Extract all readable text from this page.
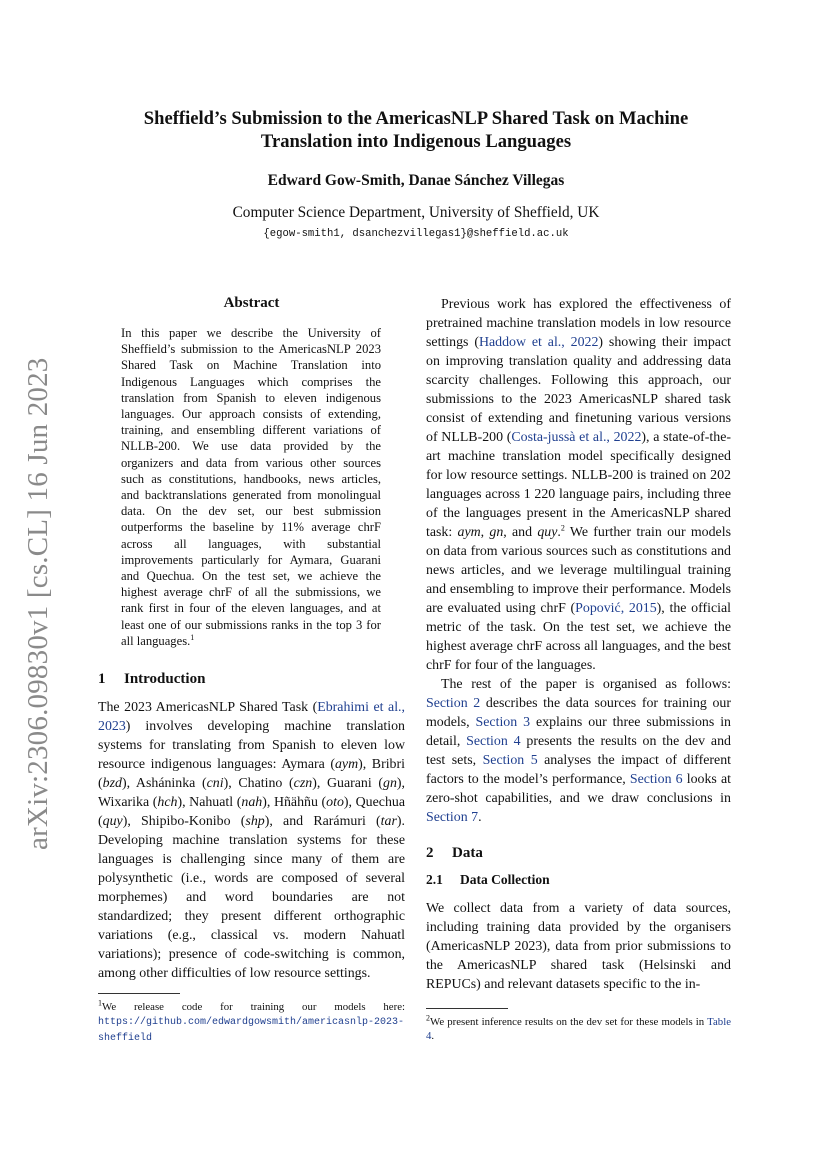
arXiv:2306.09830v1 [cs.CL] 16 Jun 2023
Sheffield’s Submission to the AmericasNLP Shared Task on Machine Translation into Indigenous Languages
Edward Gow-Smith, Danae Sánchez Villegas
Computer Science Department, University of Sheffield, UK
{egow-smith1, dsanchezvillegas1}@sheffield.ac.uk
Abstract
In this paper we describe the University of Sheffield’s submission to the AmericasNLP 2023 Shared Task on Machine Translation into Indigenous Languages which comprises the translation from Spanish to eleven indigenous languages. Our approach consists of extending, training, and ensembling different variations of NLLB-200. We use data provided by the organizers and data from various other sources such as constitutions, handbooks, news articles, and backtranslations generated from monolingual data. On the dev set, our best submission outperforms the baseline by 11% average chrF across all languages, with substantial improvements particularly for Aymara, Guarani and Quechua. On the test set, we achieve the highest average chrF of all the submissions, we rank first in four of the eleven languages, and at least one of our submissions ranks in the top 3 for all languages.$^1$
1 Introduction

The 2023 AmericasNLP Shared Task (Ebrahimi et al., 2023) involves developing machine translation systems for translating from Spanish to eleven low resource indigenous languages: Aymara (aym), Bribri (bzd), Asháninka (cni), Chatino (czn), Guarani (gn), Wixarika (hch), Nahuatl (nah), Hñähñu (oto), Quechua (quy), Shipibo-Konibo (shp), and Rarámuri (tar). Developing machine translation systems for these languages is challenging since many of them are polysynthetic (i.e., words are composed of several morphemes) and word boundaries are not standardized; they present different orthographic variations (e.g., classical vs. modern Nahuatl variations); presence of code-switching is common, among other difficulties of low resource settings.

$^1$We release code for training our models here: https://github.com/edwardgowsmith/americasnlp-2023-sheffield

Previous work has explored the effectiveness of pretrained machine translation models in low resource settings (Haddow et al., 2022) showing their impact on improving translation quality and addressing data scarcity challenges. Following this approach, our submissions to the 2023 AmericasNLP shared task consist of extending and finetuning various versions of NLLB-200 (Costa-jussà et al., 2022), a state-of-the-art machine translation model specifically designed for low resource settings. NLLB-200 is trained on 202 languages across 1 220 language pairs, including three of the languages present in the AmericasNLP shared task: aym, gn, and quy.$^2$ We further train our models on data from various sources such as constitutions and news articles, and we leverage multilingual training and ensembling to improve their performance. Models are evaluated using chrF (Popović, 2015), the official metric of the task. On the test set, we achieve the highest average chrF across all languages, and the best chrF for four of the languages.

The rest of the paper is organised as follows: Section 2 describes the data sources for training our models, Section 3 explains our three submissions in detail, Section 4 presents the results on the dev and test sets, Section 5 analyses the impact of different factors to the model’s performance, Section 6 looks at zero-shot capabilities, and we draw conclusions in Section 7.

2 Data
2.1 Data Collection

We collect data from a variety of data sources, including training data provided by the organisers (AmericasNLP 2023), data from prior submissions to the AmericasNLP shared task (Helsinski and REPUCs) and relevant datasets specific to the in-

$^2$We present inference results on the dev set for these models in Table 4.
